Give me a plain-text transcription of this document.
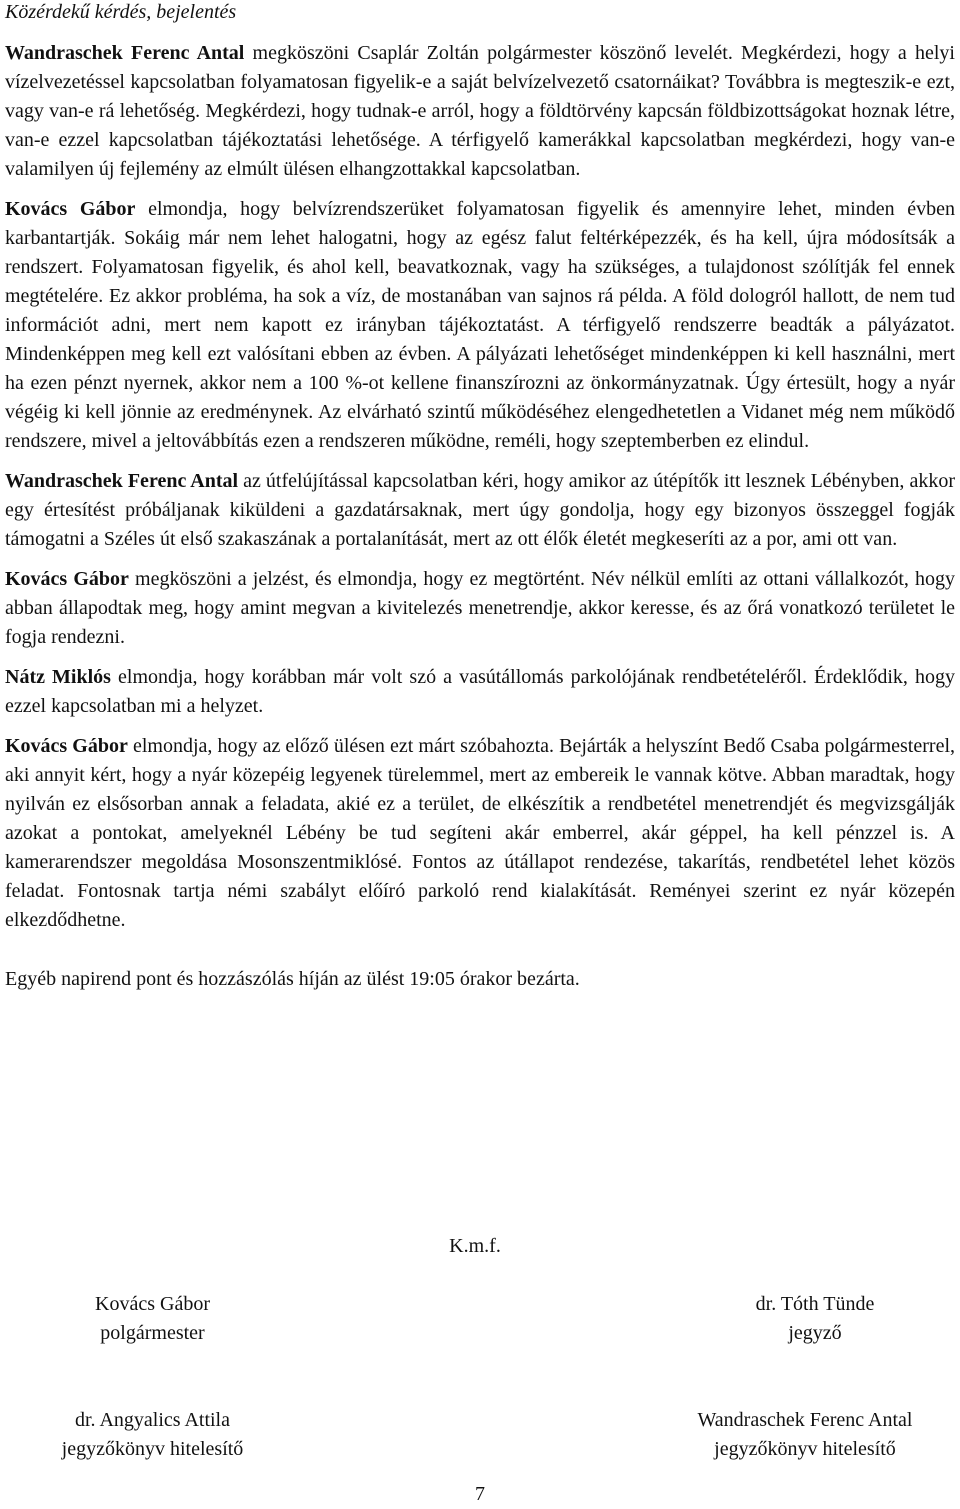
Közérdekű kérdés, bejelentés

Wandraschek Ferenc Antal megköszöni Csaplár Zoltán polgármester köszönő levelét. Megkérdezi, hogy a helyi vízelvezetéssel kapcsolatban folyamatosan figyelik-e a saját belvízelvezető csatornáikat? Továbbra is megteszik-e ezt, vagy van-e rá lehetőség. Megkérdezi, hogy tudnak-e arról, hogy a földtörvény kapcsán földbizottságokat hoznak létre, van-e ezzel kapcsolatban tájékoztatási lehetősége. A térfigyelő kamerákkal kapcsolatban megkérdezi, hogy van-e valamilyen új fejlemény az elmúlt ülésen elhangzottakkal kapcsolatban.

Kovács Gábor elmondja, hogy belvízrendszerüket folyamatosan figyelik és amennyire lehet, minden évben karbantartják. Sokáig már nem lehet halogatni, hogy az egész falut feltérképezzék, és ha kell, újra módosítsák a rendszert. Folyamatosan figyelik, és ahol kell, beavatkoznak, vagy ha szükséges, a tulajdonost szólítják fel ennek megtételére. Ez akkor probléma, ha sok a víz, de mostanában van sajnos rá példa. A föld dologról hallott, de nem tud információt adni, mert nem kapott ez irányban tájékoztatást. A térfigyelő rendszerre beadták a pályázatot. Mindenképpen meg kell ezt valósítani ebben az évben. A pályázati lehetőséget mindenképpen ki kell használni, mert ha ezen pénzt nyernek, akkor nem a 100 %-ot kellene finanszírozni az önkormányzatnak. Úgy értesült, hogy a nyár végéig ki kell jönnie az eredménynek. Az elvárható szintű működéséhez elengedhetetlen a Vidanet még nem működő rendszere, mivel a jeltovábbítás ezen a rendszeren működne, reméli, hogy szeptemberben ez elindul.

Wandraschek Ferenc Antal az útfelújítással kapcsolatban kéri, hogy amikor az útépítők itt lesznek Lébényben, akkor egy értesítést próbáljanak kiküldeni a gazdatársaknak, mert úgy gondolja, hogy egy bizonyos összeggel fogják támogatni a Széles út első szakaszának a portalanítását, mert az ott élők életét megkeseríti az a por, ami ott van.

Kovács Gábor megköszöni a jelzést, és elmondja, hogy ez megtörtént. Név nélkül említi az ottani vállalkozót, hogy abban állapodtak meg, hogy amint megvan a kivitelezés menetrendje, akkor keresse, és az őrá vonatkozó területet le fogja rendezni.

Nátz Miklós elmondja, hogy korábban már volt szó a vasútállomás parkolójának rendbetételéről. Érdeklődik, hogy ezzel kapcsolatban mi a helyzet.

Kovács Gábor elmondja, hogy az előző ülésen ezt márt szóbahozta. Bejárták a helyszínt Bedő Csaba polgármesterrel, aki annyit kért, hogy a nyár közepéig legyenek türelemmel, mert az embereik le vannak kötve. Abban maradtak, hogy nyilván ez elsősorban annak a feladata, akié ez a terület, de elkészítik a rendbetétel menetrendjét és megvizsgálják azokat a pontokat, amelyeknél Lébény be tud segíteni akár emberrel, akár géppel, ha kell pénzzel is. A kamerarendszer megoldása Mosonszentmiklósé. Fontos az útállapot rendezése, takarítás, rendbetétel lehet közös feladat. Fontosnak tartja némi szabályt előíró parkoló rend kialakítását. Reményei szerint ez nyár közepén elkezdődhetne.

Egyéb napirend pont és hozzászólás híján az ülést 19:05 órakor bezárta.

K.m.f.
Kovács Gábor
polgármester
dr. Tóth Tünde
jegyző
dr. Angyalics Attila
jegyzőkönyv hitelesítő
Wandraschek Ferenc Antal
jegyzőkönyv hitelesítő
7
